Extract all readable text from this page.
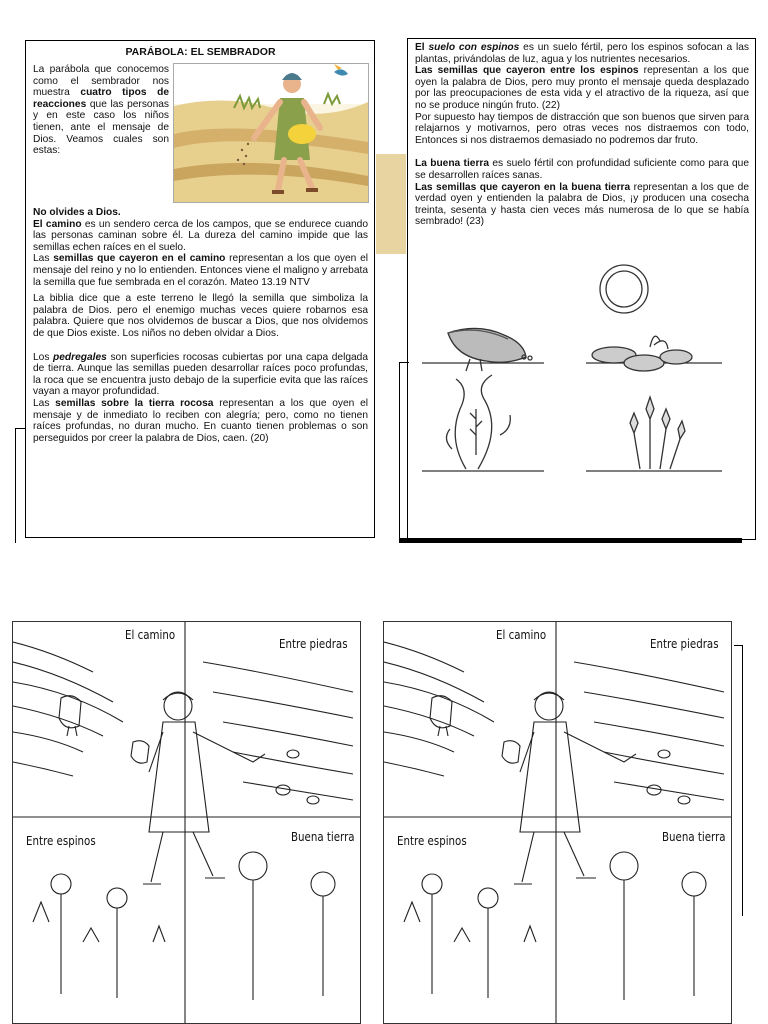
PARÁBOLA: EL SEMBRADOR

La parábola que conocemos como el sembrador nos muestra cuatro tipos de reacciones que las personas y en este caso los niños tienen, ante el mensaje de Dios. Veamos cuales son estas:

No olvides a Dios.

El camino es un sendero cerca de los campos, que se endurece cuando las personas caminan sobre él. La dureza del camino impide que las semillas echen raíces en el suelo.

Las semillas que cayeron en el camino representan a los que oyen el mensaje del reino y no lo entienden. Entonces viene el maligno y arrebata la semilla que fue sembrada en el corazón. Mateo 13.19 NTV

La biblia dice que a este terreno le llegó la semilla que simboliza la palabra de Dios. pero el enemigo muchas veces quiere robarnos esa palabra. Quiere que nos olvidemos de buscar a Dios, que nos olvidemos de que Dios existe. Los niños no deben olvidar a Dios.

Los pedregales son superficies rocosas cubiertas por una capa delgada de tierra. Aunque las semillas pueden desarrollar raíces poco profundas, la roca que se encuentra justo debajo de la superficie evita que las raíces vayan a mayor profundidad.

Las semillas sobre la tierra rocosa representan a los que oyen el mensaje y de inmediato lo reciben con alegría; pero, como no tienen raíces profundas, no duran mucho. En cuanto tienen problemas o son perseguidos por creer la palabra de Dios, caen. (20)

El suelo con espinos es un suelo fértil, pero los espinos sofocan a las plantas, privándolas de luz, agua y los nutrientes necesarios.

Las semillas que cayeron entre los espinos representan a los que oyen la palabra de Dios, pero muy pronto el mensaje queda desplazado por las preocupaciones de esta vida y el atractivo de la riqueza, así que no se produce ningún fruto. (22)

Por supuesto hay tiempos de distracción que son buenos que sirven para relajarnos y motivarnos, pero otras veces nos distraemos con todo, Entonces si nos distraemos demasiado no podremos dar fruto.

La buena tierra es suelo fértil con profundidad suficiente como para que se desarrollen raíces sanas.

Las semillas que cayeron en la buena tierra representan a los que de verdad oyen y entienden la palabra de Dios, ¡y producen una cosecha treinta, sesenta y hasta cien veces más numerosa de lo que se había sembrado! (23)

El camino
Entre piedras
Entre espinos	Buena tierra
El camino
Entre piedras
Entre espinos	Buena tierra
